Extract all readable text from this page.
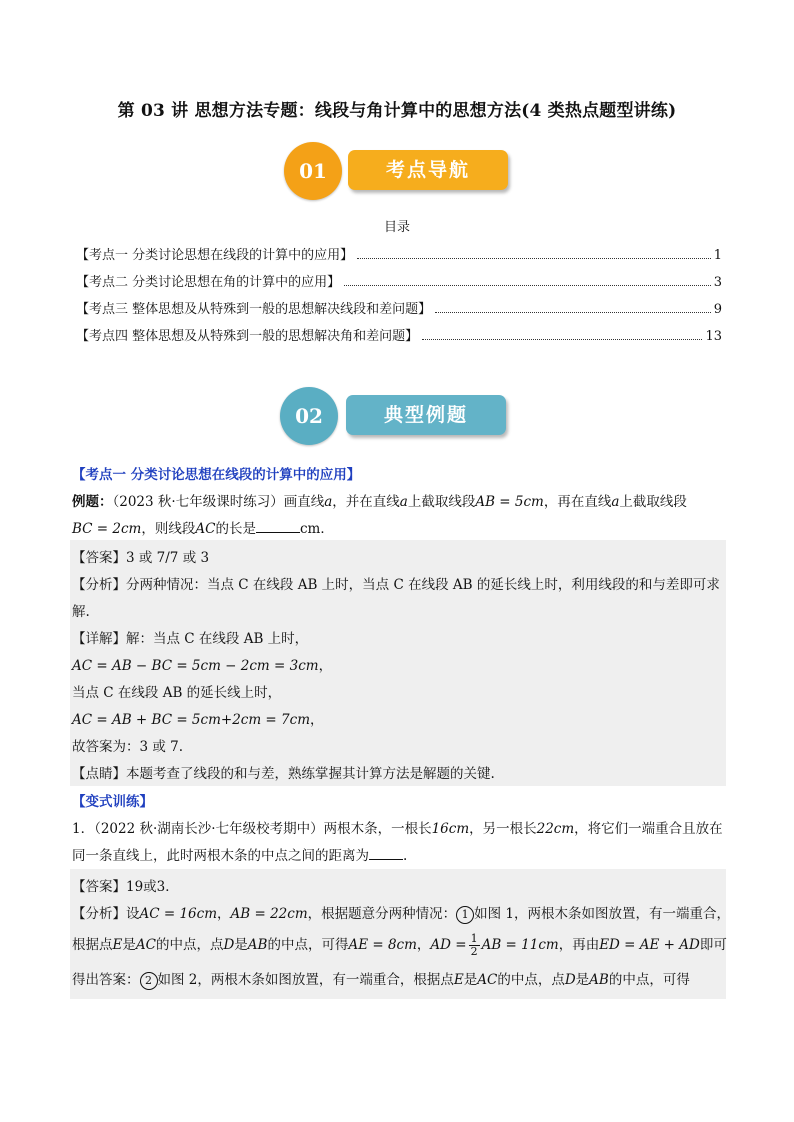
第 03 讲 思想方法专题：线段与角计算中的思想方法(4 类热点题型讲练)
考点导航
01
目录
【考点一 分类讨论思想在线段的计算中的应用】	1
【考点二 分类讨论思想在角的计算中的应用】	3
【考点三 整体思想及从特殊到一般的思想解决线段和差问题】	9
【考点四 整体思想及从特殊到一般的思想解决角和差问题】	13
典型例题
02
【考点一 分类讨论思想在线段的计算中的应用】
例题：（2023 秋·七年级课时练习）画直线a，并在直线a上截取线段AB = 5cm，再在直线a上截取线段
BC = 2cm，则线段AC的长是	cm．
【答案】3 或 7/7 或 3
【分析】分两种情况：当点 C 在线段 AB 上时，当点 C 在线段 AB 的延长线上时，利用线段的和与差即可求
解.
【详解】解：当点 C 在线段 AB 上时，
AC = AB − BC = 5cm − 2cm = 3cm，
当点 C 在线段 AB 的延长线上时，
AC = AB + BC = 5cm+2cm = 7cm，
故答案为：3 或 7.
【点睛】本题考查了线段的和与差，熟练掌握其计算方法是解题的关键.
【变式训练】
1．（2022 秋·湖南长沙·七年级校考期中）两根木条，一根长16cm，另一根长22cm，将它们一端重合且放在
同一条直线上，此时两根木条的中点之间的距离为	.
【答案】19或3．
【分析】设AC = 16cm，AB = 22cm，根据题意分两种情况： 1 如图 1，两根木条如图放置，有一端重合，
根据点E是AC的中点，点D是AB的中点，可得AE = 8cm，AD = $\frac{1}{2}$ AB = 11cm，再由ED = AE + AD即可
得出答案： 2 如图 2，两根木条如图放置，有一端重合，根据点E是AC的中点，点D是AB的中点，可得
